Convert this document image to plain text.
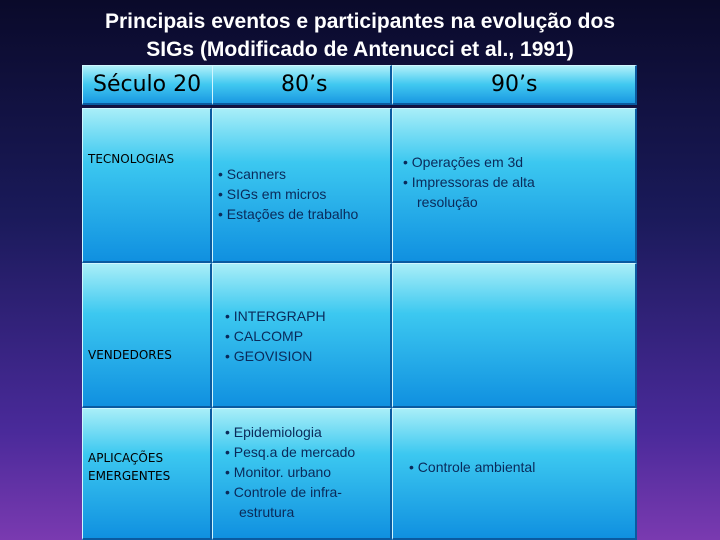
Principais eventos e participantes na evolução dos
SIGs (Modificado de Antenucci et al., 1991)
Século 20	80’s	90’s
TECNOLOGIAS
VENDEDORES
APLICAÇÕES
EMERGENTES
• Scanners
• SIGs em micros
• Estações de trabalho
• Operações em 3d
• Impressoras de alta
resolução
• INTERGRAPH
• CALCOMP
• GEOVISION
• Epidemiologia
• Pesq.a de mercado
• Monitor. urbano
• Controle de infra-
estrutura
• Controle ambiental
